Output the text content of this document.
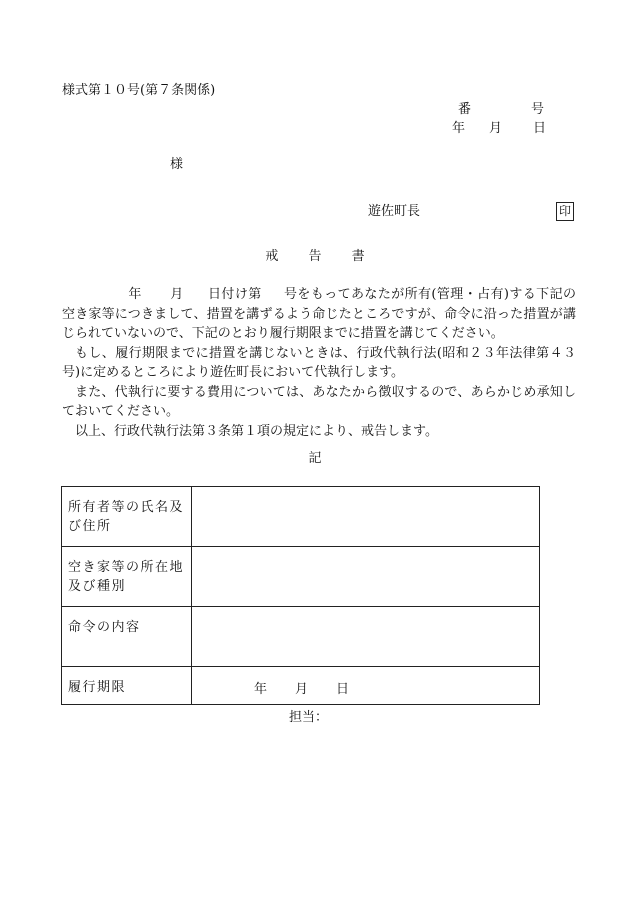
様式第１０号(第７条関係)
番	号
年 月 日
様
遊佐町長	印
戒 告 書

年 月 日付け第 号をもってあなたが所有(管理・占有)する下記の空き家等につきまして、措置を講ずるよう命じたところですが、命令に沿った措置が講じられていないので、下記のとおり履行期限までに措置を講じてください。

もし、履行期限までに措置を講じないときは、行政代執行法(昭和２３年法律第４３号)に定めるところにより遊佐町長において代執行します。

また、代執行に要する費用については、あなたから徴収するので、あらかじめ承知しておいてください。

以上、行政代執行法第３条第１項の規定により、戒告します。

記
所有者等の氏名及び住所	
空き家等の所在地及び種別	
命令の内容	
履行期限	年 月 日
担当：
